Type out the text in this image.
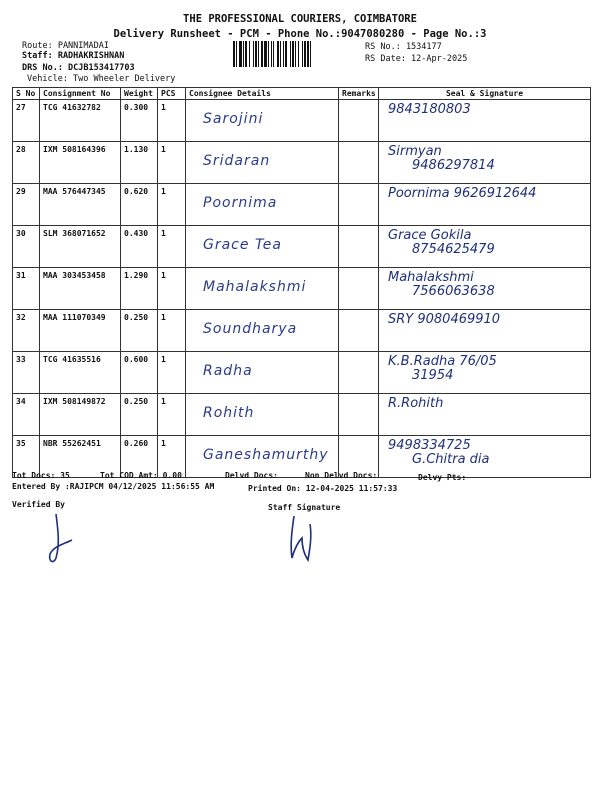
THE PROFESSIONAL COURIERS, COIMBATORE
Delivery Runsheet - PCM - Phone No.:9047080280 - Page No.:3
Route: PANNIMADAI
Staff: RADHAKRISHNAN
DRS No.: DCJB153417703
Vehicle: Two Wheeler Delivery
RS No.: 1534177
RS Date: 12-Apr-2025
S No	Consignment No	Weight	PCS	Consignee Details	Remarks	Seal & Signature
27	TCG 41632782	0.300	1	Sarojini		9843180803

28	IXM 508164396	1.130	1	Sridaran		Sirmyan
9486297814

29	MAA 576447345	0.620	1	Poornima		Poornima 9626912644

30	SLM 368071652	0.430	1	Grace Tea		Grace Gokila
8754625479

31	MAA 303453458	1.290	1	Mahalakshmi		Mahalakshmi
7566063638

32	MAA 111070349	0.250	1	Soundharya		SRY 9080469910

33	TCG 41635516	0.600	1	Radha		K.B.Radha 76/05
31954

34	IXM 508149872	0.250	1	Rohith		R.Rohith

35	NBR 55262451	0.260	1	Ganeshamurthy		9498334725
G.Chitra dia
Tot Docs: 35	Tot COD Amt: 0.00	Delvd Docs:	Non Delvd Docs:	Delvy Pts:
Entered By :RAJIPCM 04/12/2025 11:56:55 AM	Printed On: 12-04-2025 11:57:33
Verified By	Staff Signature
